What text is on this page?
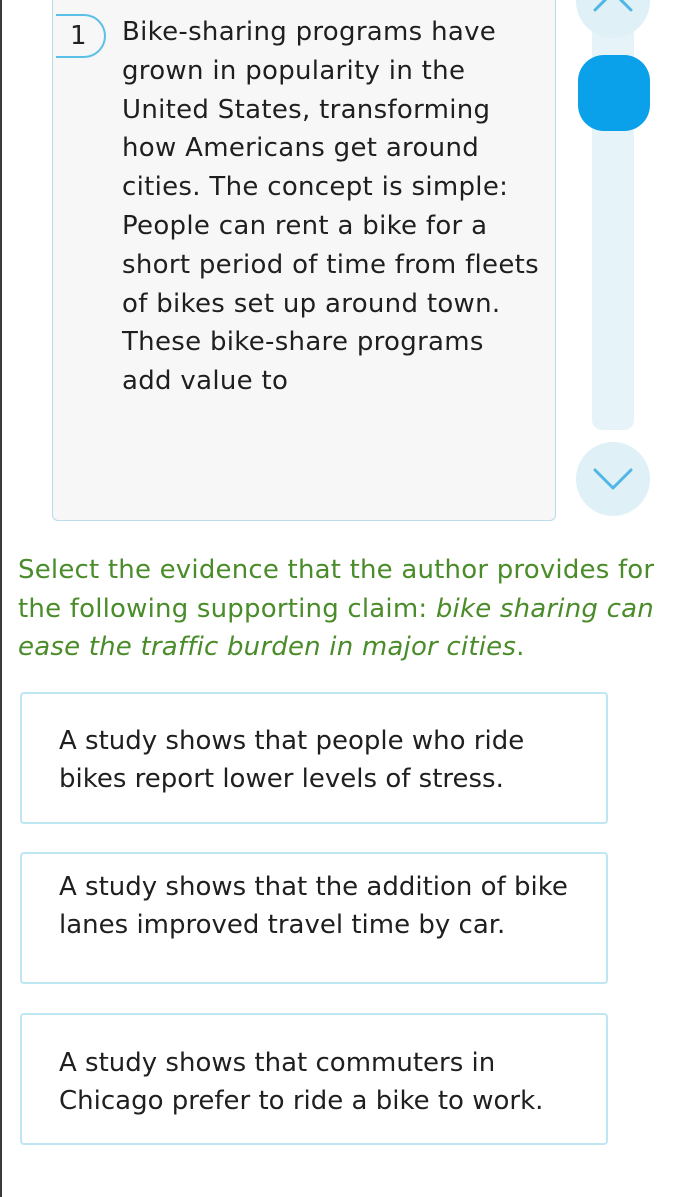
1	Bike-sharing programs have grown in popularity in the United States, transforming how Americans get around cities. The concept is simple: People can rent a bike for a short period of time from fleets of bikes set up around town. These bike-share programs add value to
Select the evidence that the author provides for the following supporting claim: bike sharing can ease the traffic burden in major cities.
A study shows that people who ride bikes report lower levels of stress.
A study shows that the addition of bike lanes improved travel time by car.
A study shows that commuters in Chicago prefer to ride a bike to work.
